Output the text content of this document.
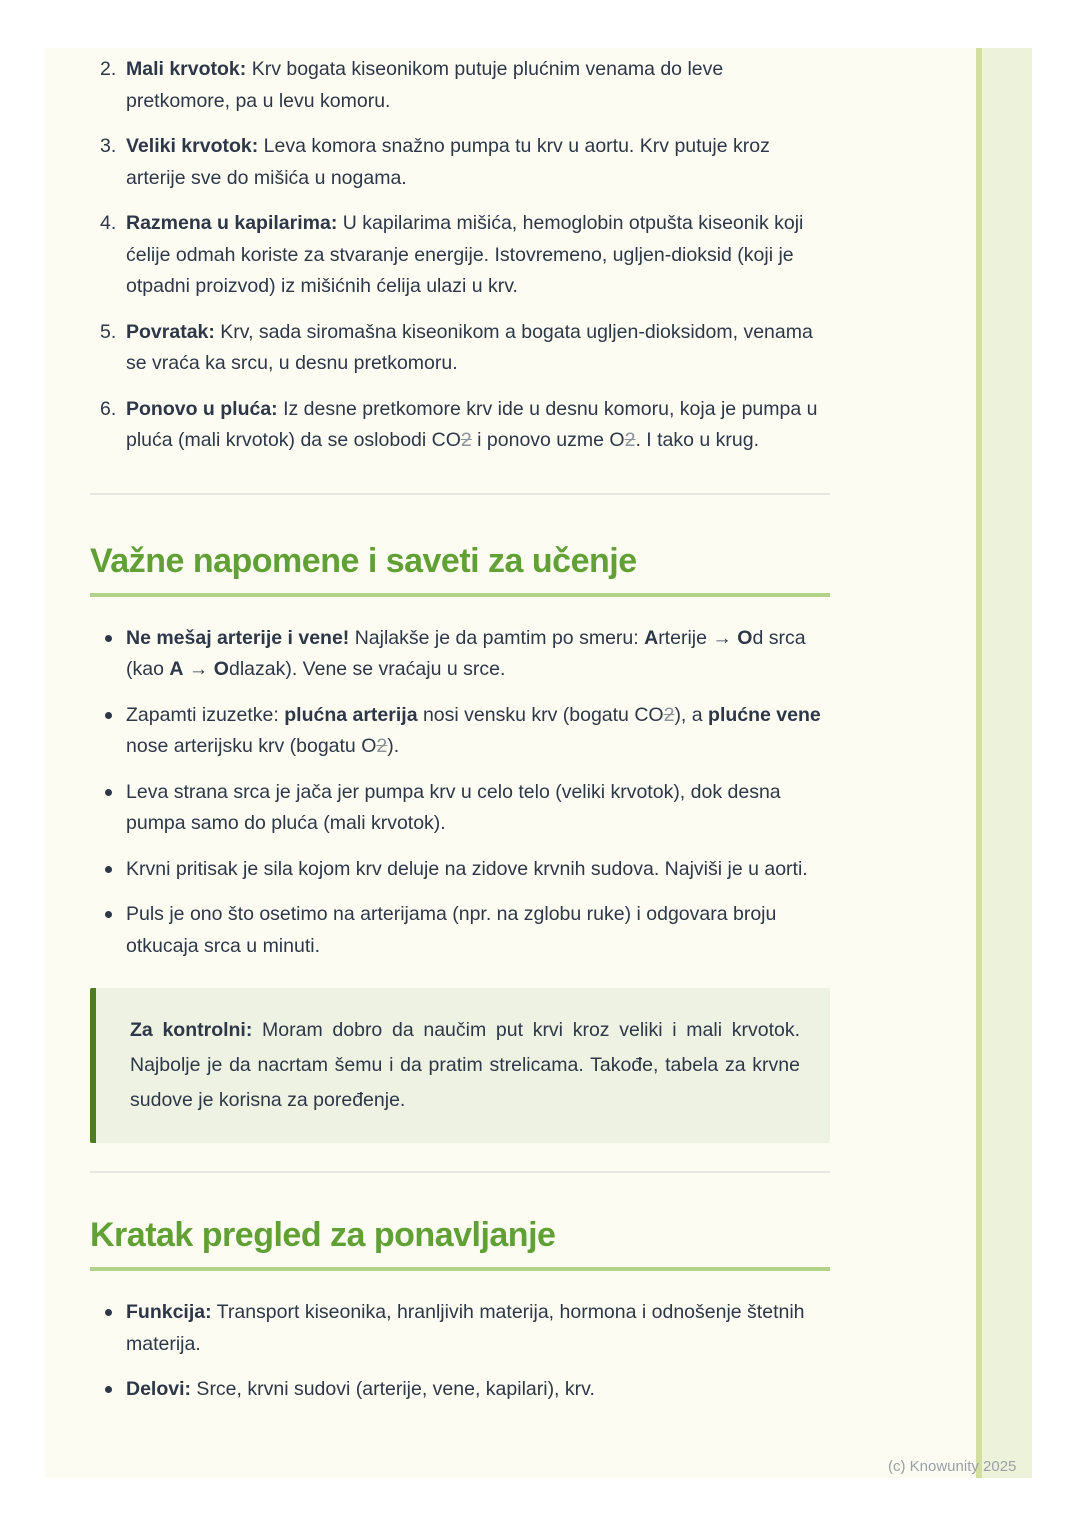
2. Mali krvotok: Krv bogata kiseonikom putuje plućnim venama do leve pretkomore, pa u levu komoru.
3. Veliki krvotok: Leva komora snažno pumpa tu krv u aortu. Krv putuje kroz arterije sve do mišića u nogama.
4. Razmena u kapilarima: U kapilarima mišića, hemoglobin otpušta kiseonik koji ćelije odmah koriste za stvaranje energije. Istovremeno, ugljen-dioksid (koji je otpadni proizvod) iz mišićnih ćelija ulazi u krv.
5. Povratak: Krv, sada siromašna kiseonikom a bogata ugljen-dioksidom, venama se vraća ka srcu, u desnu pretkomoru.
6. Ponovo u pluća: Iz desne pretkomore krv ide u desnu komoru, koja je pumpa u pluća (mali krvotok) da se oslobodi CO2 i ponovo uzme O2. I tako u krug.
Važne napomene i saveti za učenje
Ne mešaj arterije i vene! Najlakše je da pamtim po smeru: Arterije → Od srca (kao A → Odlazak). Vene se vraćaju u srce.
Zapamti izuzetke: plućna arterija nosi vensku krv (bogatu CO2), a plućne vene nose arterijsku krv (bogatu O2).
Leva strana srca je jača jer pumpa krv u celo telo (veliki krvotok), dok desna pumpa samo do pluća (mali krvotok).
Krvni pritisak je sila kojom krv deluje na zidove krvnih sudova. Najviši je u aorti.
Puls je ono što osetimo na arterijama (npr. na zglobu ruke) i odgovara broju otkucaja srca u minuti.
Za kontrolni: Moram dobro da naučim put krvi kroz veliki i mali krvotok. Najbolje je da nacrtam šemu i da pratim strelicama. Takođe, tabela za krvne sudove je korisna za poređenje.
Kratak pregled za ponavljanje
Funkcija: Transport kiseonika, hranljivih materija, hormona i odnošenje štetnih materija.
Delovi: Srce, krvni sudovi (arterije, vene, kapilari), krv.
(c) Knowunity 2025
